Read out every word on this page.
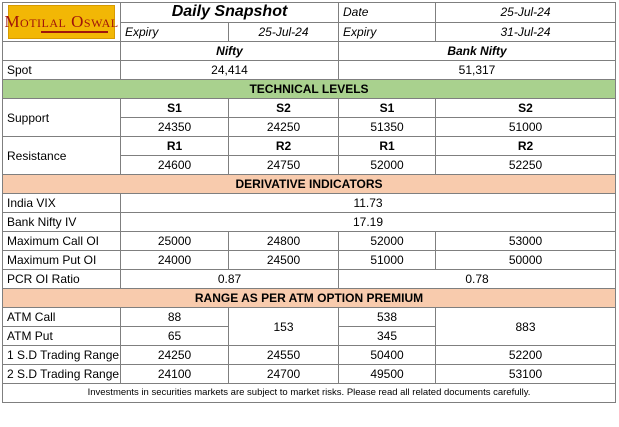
Motilal Oswal	Daily Snapshot		Date	25-Jul-24
	Expiry	25-Jul-24	Expiry	31-Jul-24
	Nifty		Bank Nifty	
Spot	24,414		51,317	
TECHNICAL LEVELS				
Support	S1	S2	S1	S2
	24350	24250	51350	51000
Resistance	R1	R2	R1	R2
	24600	24750	52000	52250
DERIVATIVE INDICATORS				
India VIX	11.73			
Bank Nifty IV	17.19			
Maximum Call OI	25000	24800	52000	53000
Maximum Put OI	24000	24500	51000	50000
PCR OI Ratio	0.87		0.78	
RANGE AS PER ATM OPTION PREMIUM				
ATM Call	88	153	538	883
ATM Put	65		345	
1 S.D Trading Range	24250	24550	50400	52200
2 S.D Trading Range	24100	24700	49500	53100
Investments in securities markets are subject to market risks. Please read all related documents carefully.				
